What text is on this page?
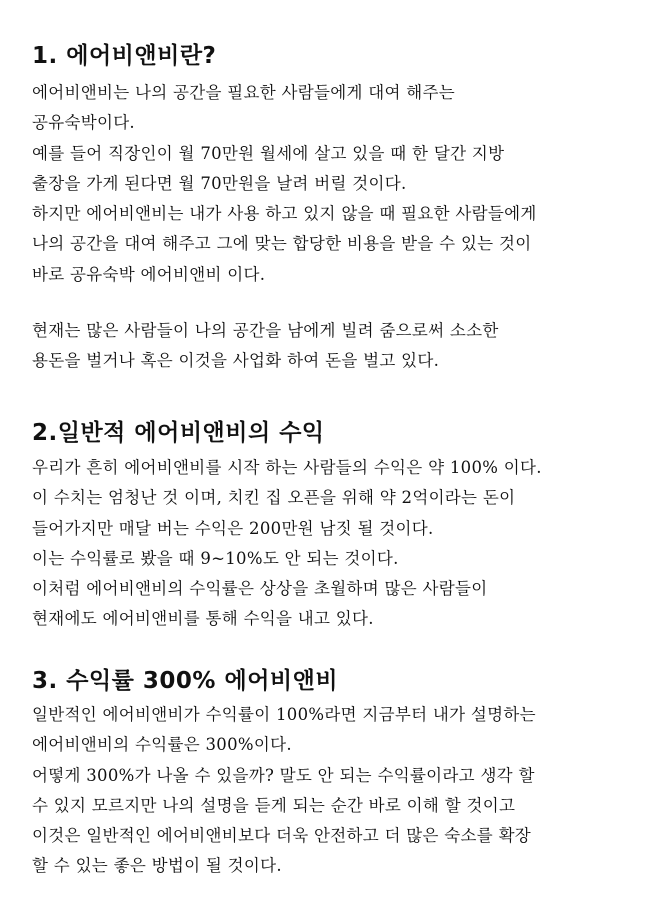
1. 에어비앤비란?
에어비앤비는 나의 공간을 필요한 사람들에게 대여 해주는
공유숙박이다.
예를 들어 직장인이 월 70만원 월세에 살고 있을 때 한 달간 지방
출장을 가게 된다면 월 70만원을 날려 버릴 것이다.
하지만 에어비앤비는 내가 사용 하고 있지 않을 때 필요한 사람들에게
나의 공간을 대여 해주고 그에 맞는 합당한 비용을 받을 수 있는 것이
바로 공유숙박 에어비앤비 이다.
현재는 많은 사람들이 나의 공간을 남에게 빌려 줌으로써 소소한
용돈을 벌거나 혹은 이것을 사업화 하여 돈을 벌고 있다.
2.일반적 에어비앤비의 수익
우리가 흔히 에어비앤비를 시작 하는 사람들의 수익은 약 100% 이다.
이 수치는 엄청난 것 이며, 치킨 집 오픈을 위해 약 2억이라는 돈이
들어가지만 매달 버는 수익은 200만원 남짓 될 것이다.
이는 수익률로 봤을 때 9~10%도 안 되는 것이다.
이처럼 에어비앤비의 수익률은 상상을 초월하며 많은 사람들이
현재에도 에어비앤비를 통해 수익을 내고 있다.
3. 수익률 300% 에어비앤비
일반적인 에어비앤비가 수익률이 100%라면 지금부터 내가 설명하는
에어비앤비의 수익률은 300%이다.
어떻게 300%가 나올 수 있을까? 말도 안 되는 수익률이라고 생각 할
수 있지 모르지만 나의 설명을 듣게 되는 순간 바로 이해 할 것이고
이것은 일반적인 에어비앤비보다 더욱 안전하고 더 많은 숙소를 확장
할 수 있는 좋은 방법이 될 것이다.
